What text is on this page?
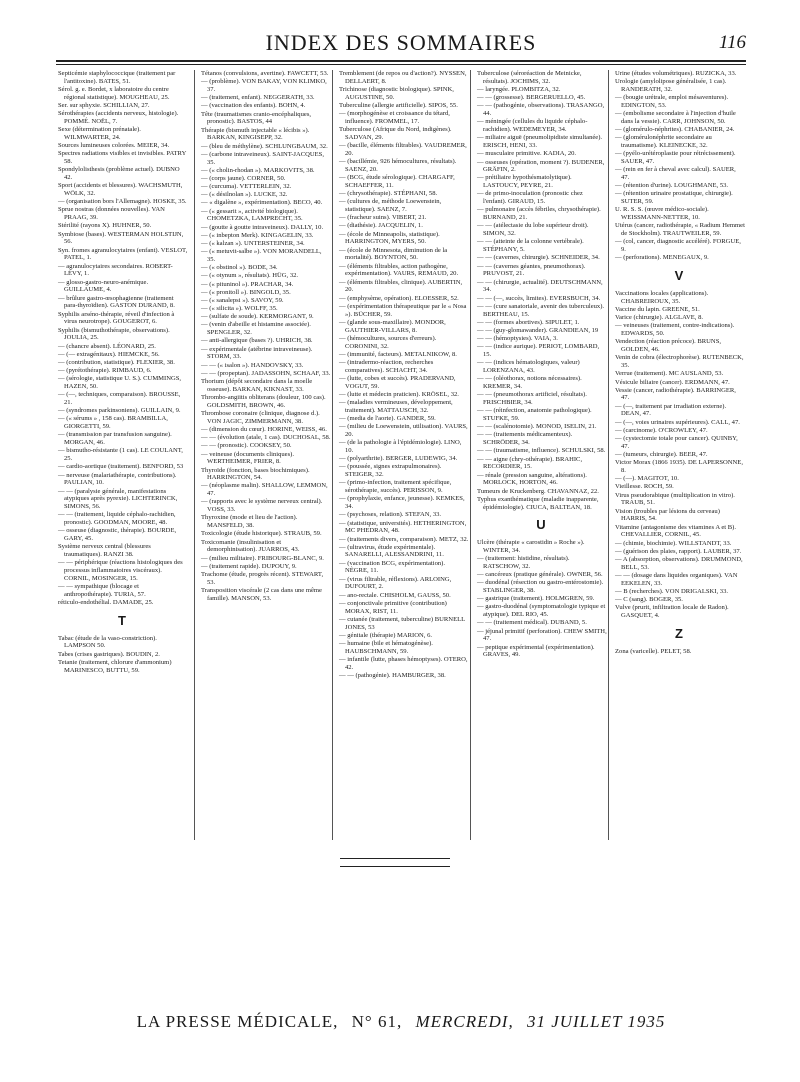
INDEX DES SOMMAIRES	116
Septicémie staphylococcique (traitement par l'antitoxine). BATES, 51.
Sérol. g. e. Bordet, x laboratoire du centre régional statistique). MOUGHEAU, 25.
Ser. sur sphyxie. SCHILLIAN, 27.
Sérothérapies (accidents nerveux, histologie). POMMÉ. NOËL, 7.
Sexe (détermination prénatale). WILMWARTER, 24.
Sources lumineuses colorées. MEIER, 34.
Spectres radiations visibles et invisibles. PATRY 58.
Spondylolisthesis (problème actuel). DUBNO 42.
Sport (accidents et blessures). WACHSMUTH, WÖLK, 32.
— (organisation bors l'Allemagne). HOSKE, 35.
Sprue nostras (données nouvelles). VAN PRAAG, 39.
Stérilité (rayons X). HUHNER, 50.
Symbiose (bases). WESTERMAN HOLSTIJN, 56.
Syn. fromes agranulocytaires (enfant). VESLOT, PATEL, 1.
— agranulocytaires secondaires. ROBERT-LÉVY, 1.
— glosso-gastro-neuro-anémique. GUILLAUME, 4.
— brûlure gastro-œsophagienne (traitement para-thyroïdien). GASTON DURAND, 8.
Syphilis arséno-thérapie, réveil d'infection à virus neurotrope). GOUGEROT, 6.
Syphilis (bismuthothérapie, observations). JOULIA, 25.
— (chancre absent). LÉONARD, 25.
— (— extragénitaux). HIEMCKE, 56.
— (contribution, statistique). FLEXIER, 38.
— (pyrétothérapie). RIMBAUD, 6.
— (sérologie, statistique U. S.). CUMMINGS, HAZEN, 50.
— (—, techniques, comparaison). BROUSSE, 21.
— (syndromes parkinsoniens). GUILLAIN, 9.
— (« sérums » , 158 cas). BRAMBILLA, GIORGETTI, 59.
— (transmission par transfusion sanguine). MORGAN, 46.
— bismutho-résistante (1 cas). LE COULANT, 25.
— cardio-aortique (traitement). BENFORD, 53
— nerveuse (malariathérapie, contributions). PAULIAN, 10.
— — (paralysie générale, manifestations atypiques après pyrexie). LICHTERINCK, SIMONS, 56.
— — (traitement, liquide céphalo-rachidien, pronostic). GOODMAN, MOORE, 48.
— osseuse (diagnostic, thérapie). BOURDE, GARY, 45.
Système nerveux central (blessures traumatiques). RANZI 38.
— — périphérique (réactions histologiques des processus inflammatoires viscéraux). CORNIL, MOSINGER, 15.
— — sympathique (blocage et anthropothérapie). TURIA, 57.
réticulo-endothélial. DAMADE, 25.
T
Tabac (étude de la vaso-constriction). LAMPSON 50.
Tabes (crises gastriques). BOUDIN, 2.
Tetanie (traitement, chlorure d'ammonium) MARINESCO, BUTTU, 59.
Tétanos (convulsions, avertine). FAWCETT, 53.
— (problème). VON BAKAY, VON KLIMKO, 37.
— (traitement, enfant). NEGGERATH, 33.
— (vaccination des enfants). BOHN, 4.
Tête (traumatismes cranio-encéphaliques, pronostic). BASTOS, 44
Thérapie (bismuth injectable « lécibis »). BARKAN, KINGISEPP, 32.
— (bleu de méthylène). SCHLUNGBAUM, 32.
— (carbone intraveineux). SAINT-JACQUES, 35.
— (« cholin-rhodan »). MARKOVITS, 38.
— (corps jaune). CORNER, 50.
— (curcuma). VETTERLEIN, 32.
— (« désilnolan »). LUCKE, 32.
— « digalène », expérimentation). BECO, 40.
— (« gessarit », activité biologique). CHOMETZKA, LAMPRECHT, 35.
— (goutte à goutte intraveineux). DALLY, 10.
— (« inbepton Merk). KINGAGELIN, 33.
— (« kalzan »). UNTERSTEINER, 34.
— (« metuvit-salbe »). VON MORANDELL, 35.
— (« obstinol »). BODE, 34.
— (« otynum », résultats). HÜG, 32.
— (« pituninol »). PRACHAR, 34.
— (« pronitoll »). BINGOLD, 35.
— (« sanalepsi »). SAVOY, 59.
— (« silicita »). WOLFF, 35.
— (sulfate de soude). KERMORGANT, 9.
— (venin d'abeille et histamine associée). SPENGLER, 32.
— anti-allergique (bases ?). UHRICH, 38.
— expérimentale (atébrine intraveineuse). STORM, 33.
— — (« isalon »). HANDOVSKY, 33.
— — (propeptan). JADASSOHN, SCHAAF, 33.
Thorium (dépôt secondaire dans la moelle osseuse). BARKAN, KIKNAST, 33.
Thrombo-angiitis obliterans (douleur, 100 cas). GOLDSMITH, BROWN, 46.
Thrombose coronaire (clinique, diagnose d.). VON JAGIC, ZIMMERMANN, 38.
— (dimension du cœur). HORINE, WEISS, 46.
— — (évolution (atale, 1 cas). DUCHOSAL, 58.
— — (pronostic). COOKSEY, 50.
— veineuse (documents cliniques). WERTHEIMER, FRIER, 8.
Thyroïde (fonction, bases biochimiques). HARRINGTON, 54.
— (néoplasme malin). SHALLOW, LEMMON, 47.
— (rapports avec le système nerveux central). VOSS, 33.
Thyroxine (mode et lieu de l'action). MANSFELD, 38.
Toxicologie (étude historique). STRAUB, 59.
Toxicomanie (insulinisation et demorphinisation). JUARROS, 43.
— (milieu militaire). FRIBOURG-BLANC, 9.
— (traitement rapide). DUPOUY, 9.
Trachome (étude, progrès récent). STEWART, 53.
Transposition viscérale (2 cas dans une même famille). MANSON, 53.
Tremblement (de repos ou d'action?). NYSSEN, DELLAERT, 8.
Trichinose (diagnostic biologique). SPINK, AUGUSTINE, 50.
Tuberculine (allergie artificielle). SIPOS, 55.
— (morphogénèse et croissance du tétard, influence). FROMMEL, 17.
Tuberculose (Afrique du Nord, indigènes). SADVAN, 29.
— (bacille, éléments filtrables). VAUDREMER, 20.
— (bacillémie, 926 hémocultures, résultats). SAENZ, 20.
— (BCG, étude sérologique). CHARGAFF, SCHAEFFER, 11.
— (chrysothérapie). STÉPHANI, 58.
— (cultures de, méthode Loewenstein, statistique). SAENZ, 7.
— (fracheur suins). VIBERT, 21.
— (diathésie). JACQUELIN, 1.
— (école de Minneapolis, statistique). HARRINGTON, MYERS, 50.
— (école de Minnesota, diminution de la mortalité). BOYNTON, 50.
— (éléments filtrables, action pathogène, expérimentation). VAURS, REMAUD, 20.
— (éléments filtrables, clinique). AUBERTIN, 20.
— (emphysème, opération). ELOESSER, 52.
— (expérimentation thérapeutique par le « Nosa »). BÜCHER, 59.
— (glande sous-maxillaire). MONDOR, GAUTHIER-VILLARS, 8.
— (hémocultures, sources d'erreurs). CORONINI, 32.
— (immunité, facteurs). METALNIKOW, 8.
— (intradermo-réaction, recherches comparatives). SCHACHT, 34.
— (lutte, cobes et succès). PRADERVAND, VOGUT, 59.
— (lutte et médecin praticien). KRÖSEL, 32.
— (maladies vermineuses, développement, traitement). MATTAUSCH, 32.
— (media de l'aorte). GANDER, 59.
— (milieu de Loewenstein, utilisation). VAURS, 20.
— (de la pathologie à l'épidémiologie). LINO, 10.
— (polyarthrite). BERGER, LUDEWIG, 34.
— (poussée, signes extrapulmonaires). STEIGER, 32.
— (primo-infection, traitement spécifique, sérothérapie, succès). PERISSON, 9.
— (prophylaxie, enfance, jeunesse). KEMKES, 34.
— (psychoses, relation). STEFAN, 33.
— (statistique, universités). HETHERINGTON, MC PHEDRAN, 48.
— (traitements divers, comparaison). METZ, 32.
— (ultravirus, étude expérimentale). SANARELLI, ALESSANDRINI, 11.
— (vaccination BCG, expérimentation). NÈGRE, 11.
— (virus filtrable, réflexions). ARLOING, DUFOURT, 2.
— ano-rectale. CHISHOLM, GAUSS, 50.
— conjonctivale primitive (contribution) MORAX, RIST, 11.
— cutanée (traitement, tuberculine) BURNELL JONES, 53
— génitale (thérapie) MARION, 6.
— humaine (bile et hématogénèse). HAUBSCHMANN, 59.
— infantile (lutte, phases hémoptyses). OTERO, 42.
— — (pathogénie). HAMBURGER, 38.
Tuberculose (sérоréaction de Meinicke, résultats). JOCHIMS, 32.
— laryngée. PLOMBITZA, 32.
— — (grossesse). BERGERUELLO, 45.
— — (pathogénie, observations). TRASANGO, 44.
— méningée (cellules du liquide céphalo-rachidien). WEDEMEYER, 34.
— miliaire aiguë (pneumolipidiste simultanée). ERISCH, HENI, 33.
— musculaire primitive. KADIA, 20.
— osseuses (opération, moment ?). BUDENER, GRÄFIN, 2.
— prétiliaire hypothésmatolytique). LASTOUCY, PEYRE, 21.
— de primo-inoculation (pronostic chez l'enfant). GIRAUD, 15.
— pulmonaire (accès fébriles, chrysothérapie). BURNAND, 21.
— — (atélectasie du lobe supérieur droit). SIMON, 32.
— — (atteinte de la colonne vertébrale). STÉPHANY, 5.
— — (cavernes, chirurgie). SCHNEIDER, 34.
— — (cavernes géantes, pneumothorax). PRUVOST, 21.
— — (chirurgie, actualité). DEUTSCHMANN, 34.
— — (—, succès, limites). EVERSBUCH, 34.
— — (cure sanatoriale, avenir des tuberculeux). BERTHEAU, 15.
— — (formes abortives). SIPULET, 1.
— — (guy-glomawander). GRANDIEAN, 19
— — (hémoptysies). VAIA, 3.
— — (indice aurique). PERIOT, LOMBARD, 15.
— — (indices hématologiques, valeur) LORENZANA, 43.
— — (oléothorax, notions nécessaires). KREMER, 34.
— — (pneumothorax artificiel, résultats). FRISCHBIER, 34.
— — (réinfection, anatomie pathologique). STUFKE, 59.
— — (scalénotomie). MONOD, ISELIN, 21.
— — (traitements médicamenteux). SCHRÖDER, 34.
— — (traumatisme, influence). SCHULSKI, 58.
— — aigne (chry-othérapie). BRAHIC, RECORDIER, 15.
— rénale (pression sanguine, altérations). MORLOCK, HORTON, 46.
Tumeurs de Kruckenberg. CHAVANNAZ, 22.
Typhus exanthématique (maladie inapparente, épidémiologie). CIUCA, BALTEAN, 18.
U
Ulcère (thérapie « carostidin » Roche »). WINTER, 34.
— (traitement: histidine, résultats). RATSCHOW, 32.
— cancéreux (pratique générale). OWNER, 56.
— duodénal (résection ou gastro-entérostomie). STABLINGER, 38.
— gastrique (traitement). HOLMGREN, 59.
— gastro-duodénal (symptomatologie typique et atypique). DEL RIO, 45.
— — (traitement médical). DUBAND, 5.
— jéjunal primitif (perforation). CHEW SMITH, 47.
— peptique expérimental (expérimentation). GRAVES, 49.
Urine (études volumétriques). RUZICKA, 33.
Urologie (amylolipose généralisée, 1 cas). RANDERATH, 32.
— (bougie urétrale, emploi mésaventures). EDINGTON, 53.
— (embolisme secondaire à l'injection d'huile dans la vessie). CARR, JOHNSON, 50.
— (glomérulo-néphrites). CHABANIER, 24.
— (glomérulonéphrite secondaire au traumatisme). KLEINECKE, 32.
— (pyélo-urétéroplastie pour rétrécissement). SAUER, 47.
— (rein en fer à cheval avec calcul). SAUER, 47.
— (rétention d'urine). LOUGHMANE, 53.
— (rétention urinaire prostatique, chirurgie). SUTER, 59.
U. R. S. S. (œuvre médico-sociale). WEISSMANN-NETTER, 10.
Utérus (cancer, radiothérapie, « Radium Hemmet de Stockholm). TRAUTWEILER, 59.
— (col, cancer, diagnostic accéléré). FORGUE, 9.
— (perforations). MENEGAUX, 9.
V
Vaccinations locales (applications). CHABREIROUX, 35.
Vaccine du lapin. GREENE, 51.
Varice (chirurgie). ALGLAVE, 8.
— veineuses (traitement, contre-indications). EDWARDS, 50.
Vendection (réaction précoce). BRUNS, GOLDEN, 46.
Venin de cobra (électrophorèse). RUTENBECK, 35.
Verrue (traitement). MC AUSLAND, 53.
Vésicule biliaire (cancer). ERDMANN, 47.
Vessie (cancer, radiothérapie). BARRINGER, 47.
— (—, traitement par irradiation externe). DEAN, 47.
— (—, voies urinaires supérieures). CALL, 47.
— (carcinome). O'CROWLEY, 47.
— (cystectomie totale pour cancer). QUINBY, 47.
— (tumeurs, chirurgie). BEER, 47.
Victor Morax (1866 1935). DE LAPERSONNE, 8.
— (—). MAGITOT, 10.
Vieillesse. ROCH, 59.
Virus pseudorabique (multiplication in vitro). TRAUB, 51.
Vision (troubles par lésions du cerveau) HARRIS, 54.
Vitamine (antagonisme des vitamines A et B). CHEVALLIER, CORNIL, 45.
— (chimie, biochimie). WILLSTANDT, 33.
— (guérison des plaies, rapport). LAUBER, 37.
— A (absorption, observations). DRUMMOND, BELL, 53.
— — (dosage dans liquides organiques). VAN EEKELEN, 33.
— B (recherches). VON DRIGALSKI, 33.
— C (sang). BOGER, 35.
Vulve (prurit, infiltration locale de Radon). GASQUET, 4.
Z
Zona (varicelle). PELET, 58.
LA PRESSE MÉDICALE, N° 61, MERCREDI, 31 JUILLET 1935
